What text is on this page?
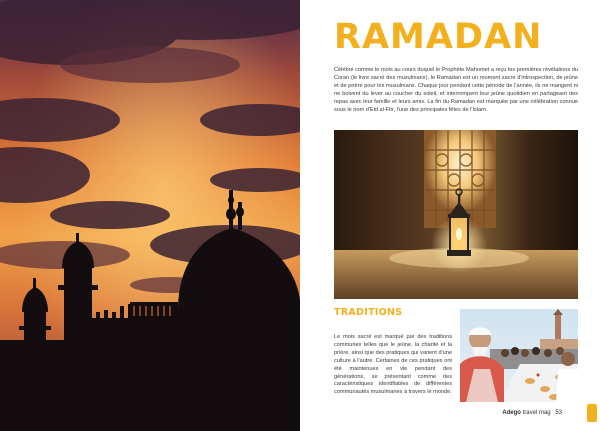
RAMADAN

Célébré comme le mois au cours duquel le Prophète Mahomet a reçu les premières révélations du Coran (le livre sacré des musulmans), le Ramadan est un moment sacré d'introspection, de jeûne et de prière pour les musulmans. Chaque jour pendant cette période de l'année, ils ne mangent ni ne boivent du lever au coucher du soleil, et interrompent leur jeûne quotidien en partageant des repas avec leur famille et leurs amis. La fin du Ramadan est marquée par une célébration connue sous le nom d'Eid al-Fitr, l'une des principales fêtes de l'Islam.

TRADITIONS

Le mois sacré est marqué par des traditions communes telles que le jeûne, la charité et la prière, ainsi que des pratiques qui varient d'une culture à l'autre. Certaines de ces pratiques ont été maintenues en vie pendant des générations, se présentant comme des caractéristiques identifiables de différentes communautés musulmanes à travers le monde.

Adego travel mag 53
